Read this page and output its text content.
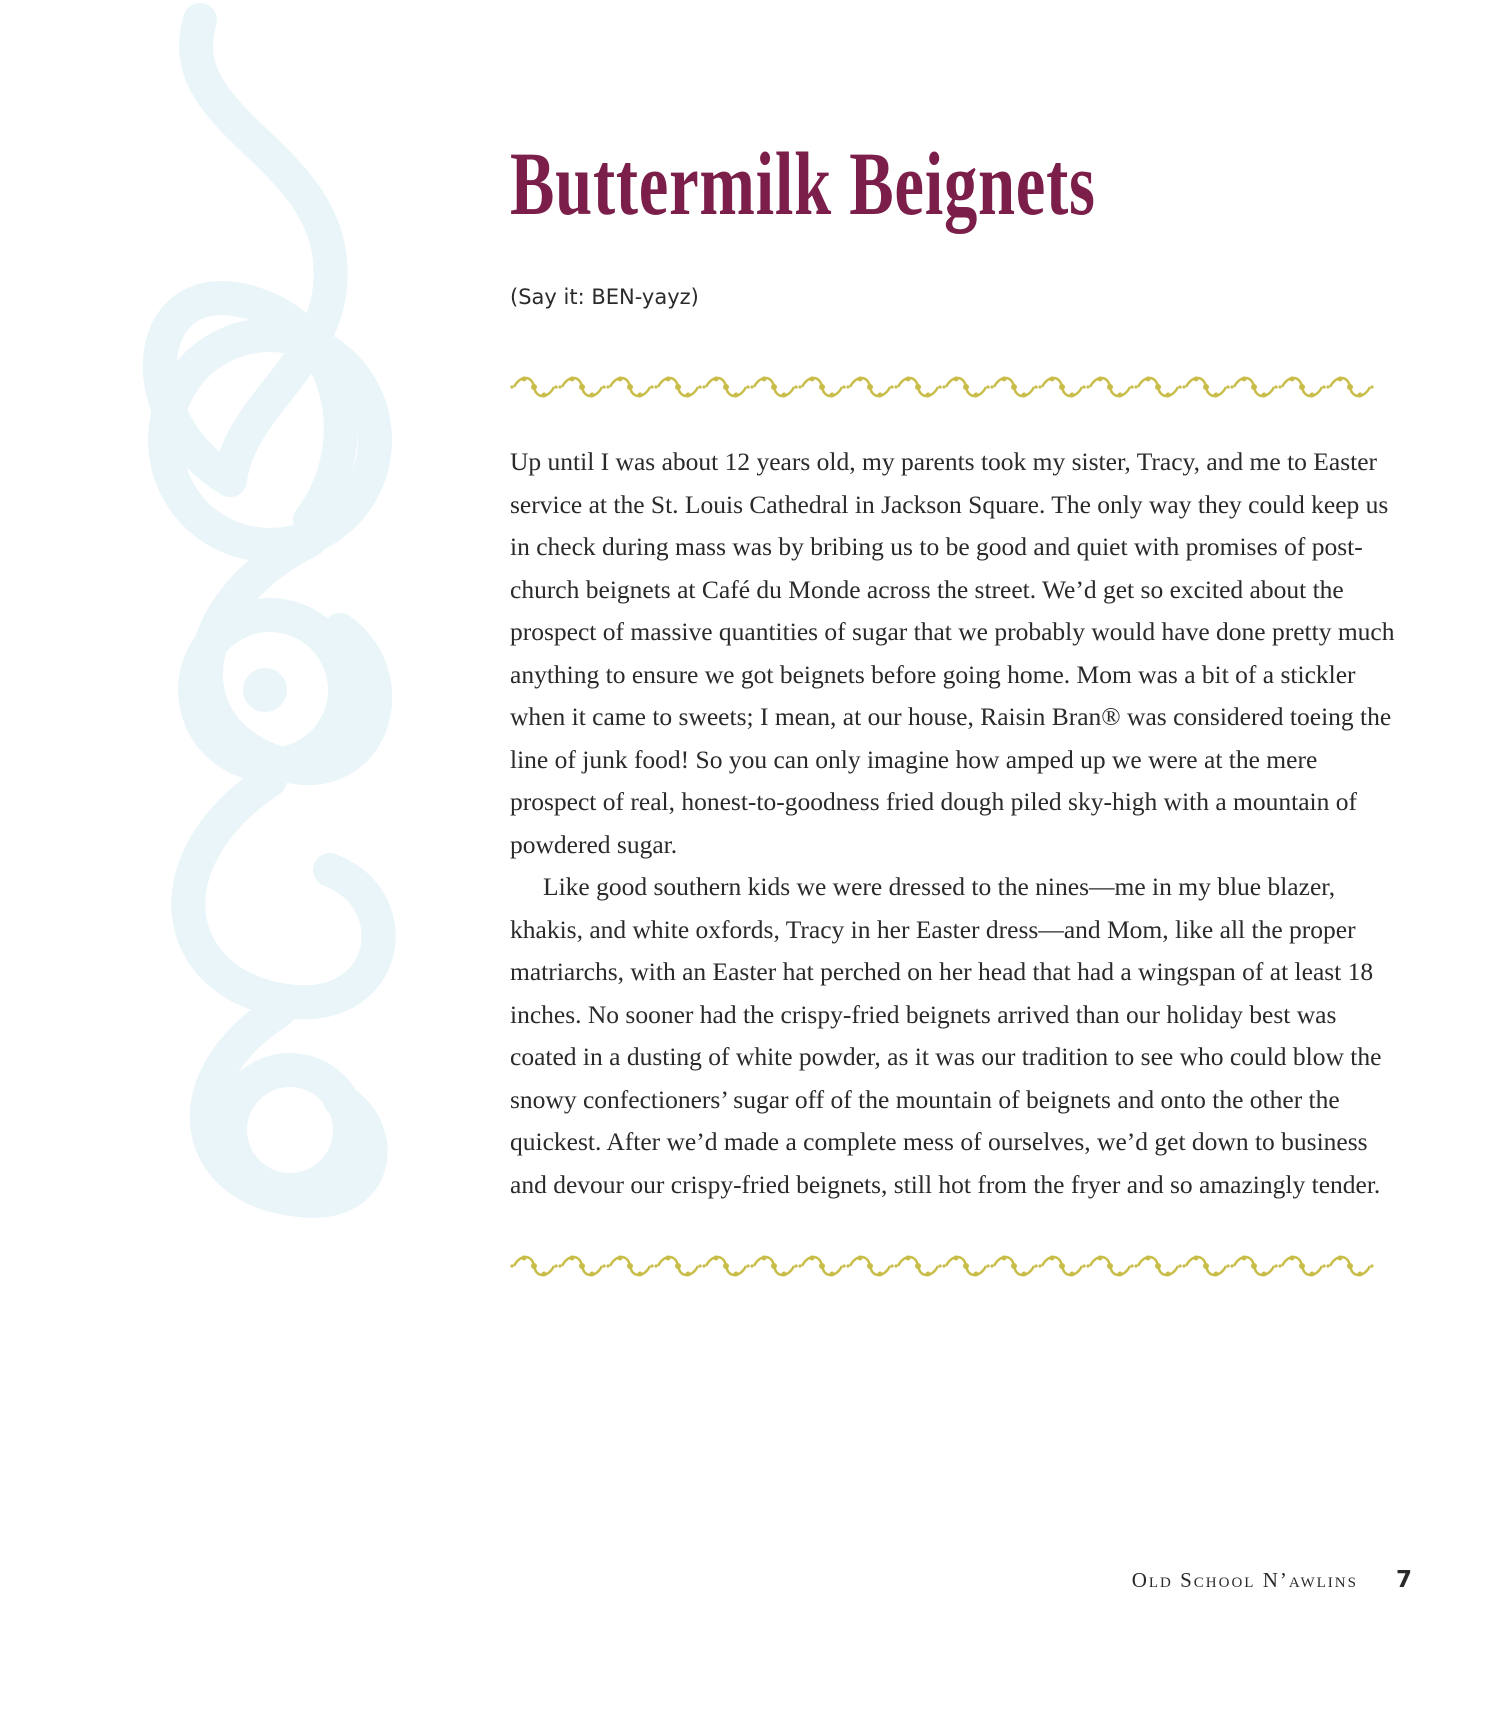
Buttermilk Beignets
(Say it: BEN-yayz)

Up until I was about 12 years old, my parents took my sister, Tracy, and me to Easter service at the St. Louis Cathedral in Jackson Square. The only way they could keep us in check during mass was by bribing us to be good and quiet with promises of post-church beignets at Café du Monde across the street. We’d get so excited about the prospect of massive quantities of sugar that we probably would have done pretty much anything to ensure we got beignets before going home. Mom was a bit of a stickler when it came to sweets; I mean, at our house, Raisin Bran® was considered toeing the line of junk food! So you can only imagine how amped up we were at the mere prospect of real, honest-to-goodness fried dough piled sky-high with a mountain of powdered sugar.

Like good southern kids we were dressed to the nines—me in my blue blazer, khakis, and white oxfords, Tracy in her Easter dress—and Mom, like all the proper matriarchs, with an Easter hat perched on her head that had a wingspan of at least 18 inches. No sooner had the crispy-fried beignets arrived than our holiday best was coated in a dusting of white powder, as it was our tradition to see who could blow the snowy confectioners’ sugar off of the mountain of beignets and onto the other the quickest. After we’d made a complete mess of ourselves, we’d get down to business and devour our crispy-fried beignets, still hot from the fryer and so amazingly tender.

Old School N’awlins 7
